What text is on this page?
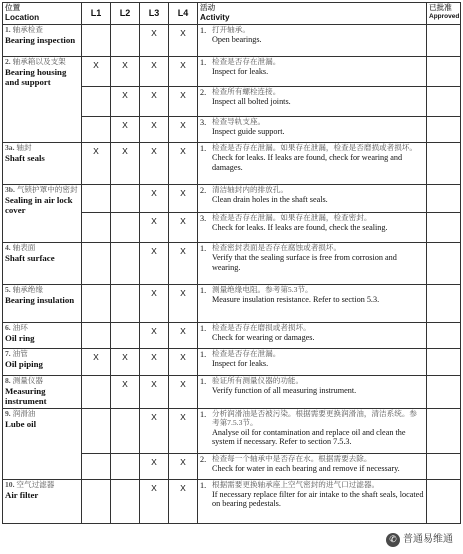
位置
Location	L1	L2	L3	L4	活动
Activity	已批准
Approved

1. 轴承检查
Bearing inspection			X	X	1. 打开轴承。
Open bearings.	

2. 轴承箱以及支架
Bearing housing and support	X	X	X	X	1. 检查是否存在泄漏。
Inspect for leaks.	

		X	X	X	2. 检查所有螺栓连接。
Inspect all bolted joints.	

		X	X	X	3. 检查导轨支座。
Inspect guide support.	

3a. 轴封
Shaft seals	X	X	X	X	1. 检查是否存在泄漏。如果存在泄漏，检查是否磨损或者损坏。
Check for leaks. If leaks are found, check for wearing and damages.	

3b. 气锁护罩中的密封
Sealing in air lock cover			X	X	2. 清洁轴封内的排放孔。
Clean drain holes in the shaft seals.	

			X	X	3. 检查是否存在泄漏。如果存在泄漏，检查密封。
Check for leaks. If leaks are found, check the sealing.	

4. 轴表面
Shaft surface			X	X	1. 检查密封表面是否存在腐蚀或者损坏。
Verify that the sealing surface is free from corrosion and wearing.	

5. 轴承绝缘
Bearing insulation			X	X	1. 测量绝缘电阻。参考第5.3节。
Measure insulation resistance. Refer to section 5.3.	

6. 油环
Oil ring			X	X	1. 检查是否存在磨损或者损坏。
Check for wearing or damages.	

7. 油管
Oil piping	X	X	X	X	1. 检查是否存在泄漏。
Inspect for leaks.	

8. 测量仪器
Measuring instrument		X	X	X	1. 验证所有测量仪器的功能。
Verify function of all measuring instrument.	

9. 润滑油
Lube oil			X	X	1. 分析润滑油是否被污染。根据需要更换润滑油，清洁系统。参考第7.5.3节。
Analyse oil for contamination and replace oil and clean the system if necessary. Refer to section 7.5.3.	

			X	X	2. 检查每一个轴承中是否存在水。根据需要去除。
Check for water in each bearing and remove if necessary.	

10. 空气过滤器
Air filter			X	X	1. 根据需要更换轴承座上空气密封的进气口过滤器。
If necessary replace filter for air intake to the shaft seals, located on bearing pedestals.	

✆ 普通易维通
